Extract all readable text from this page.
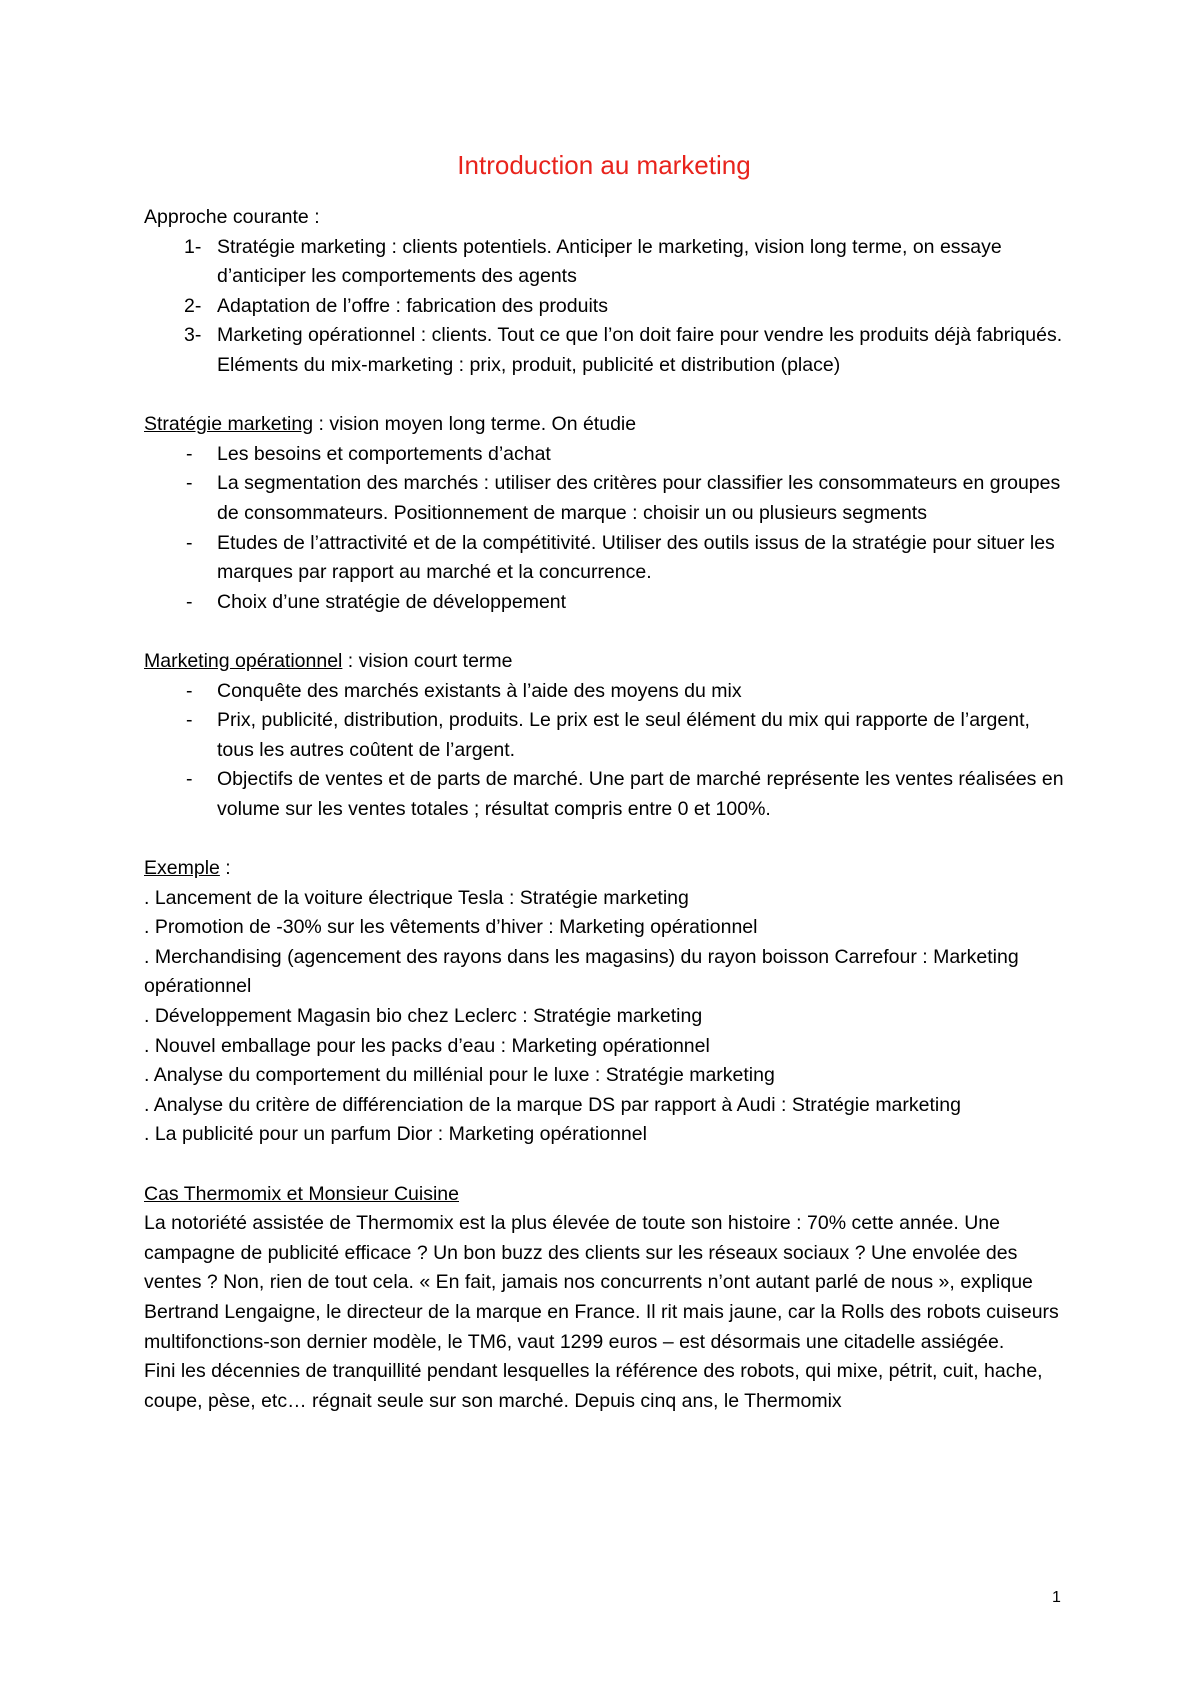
Introduction au marketing

Approche courante :

1- Stratégie marketing : clients potentiels. Anticiper le marketing, vision long terme, on essaye d’anticiper les comportements des agents
2- Adaptation de l’offre : fabrication des produits
3- Marketing opérationnel : clients. Tout ce que l’on doit faire pour vendre les produits déjà fabriqués. Eléments du mix-marketing : prix, produit, publicité et distribution (place)

Stratégie marketing : vision moyen long terme. On étudie

- Les besoins et comportements d’achat
- La segmentation des marchés : utiliser des critères pour classifier les consommateurs en groupes de consommateurs. Positionnement de marque : choisir un ou plusieurs segments
- Etudes de l’attractivité et de la compétitivité. Utiliser des outils issus de la stratégie pour situer les marques par rapport au marché et la concurrence.
- Choix d’une stratégie de développement

Marketing opérationnel : vision court terme

- Conquête des marchés existants à l’aide des moyens du mix
- Prix, publicité, distribution, produits. Le prix est le seul élément du mix qui rapporte de l’argent, tous les autres coûtent de l’argent.
- Objectifs de ventes et de parts de marché. Une part de marché représente les ventes réalisées en volume sur les ventes totales ; résultat compris entre 0 et 100%.

Exemple :

. Lancement de la voiture électrique Tesla : Stratégie marketing

. Promotion de -30% sur les vêtements d’hiver : Marketing opérationnel

. Merchandising (agencement des rayons dans les magasins) du rayon boisson Carrefour : Marketing opérationnel

. Développement Magasin bio chez Leclerc : Stratégie marketing

. Nouvel emballage pour les packs d’eau : Marketing opérationnel

. Analyse du comportement du millénial pour le luxe : Stratégie marketing

. Analyse du critère de différenciation de la marque DS par rapport à Audi : Stratégie marketing

. La publicité pour un parfum Dior : Marketing opérationnel

Cas Thermomix et Monsieur Cuisine

La notoriété assistée de Thermomix est la plus élevée de toute son histoire : 70% cette année. Une campagne de publicité efficace ? Un bon buzz des clients sur les réseaux sociaux ? Une envolée des ventes ? Non, rien de tout cela. « En fait, jamais nos concurrents n’ont autant parlé de nous », explique Bertrand Lengaigne, le directeur de la marque en France. Il rit mais jaune, car la Rolls des robots cuiseurs multifonctions-son dernier modèle, le TM6, vaut 1299 euros – est désormais une citadelle assiégée.

Fini les décennies de tranquillité pendant lesquelles la référence des robots, qui mixe, pétrit, cuit, hache, coupe, pèse, etc… régnait seule sur son marché. Depuis cinq ans, le Thermomix

1
